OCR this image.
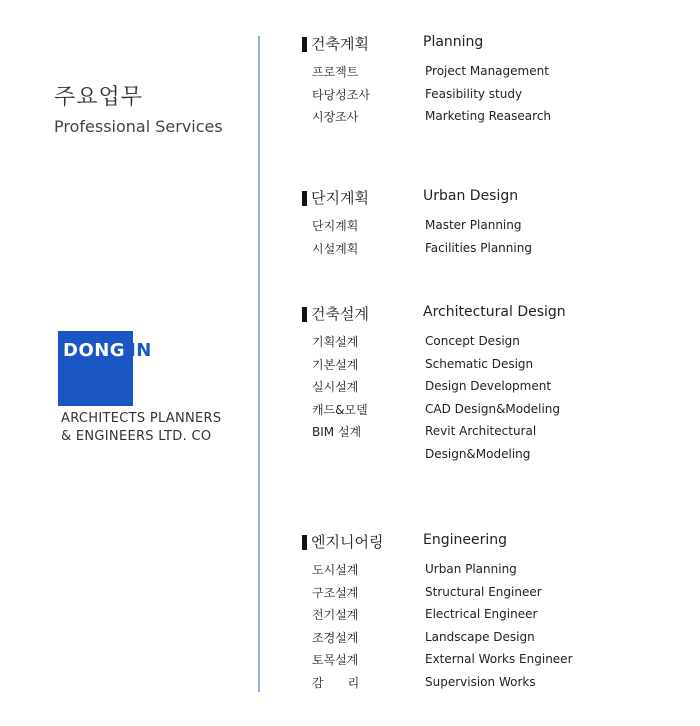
주요업무
Professional Services
DONG IN
ARCHITECTS PLANNERS
& ENGINEERS LTD. CO
건축계획	Planning
프로젝트	Project Management
타당성조사	Feasibility study
시장조사	Marketing Reasearch
단지계획	Urban Design
단지계획	Master Planning
시설계획	Facilities Planning
건축설계	Architectural Design
기획설계	Concept Design
기본설계	Schematic Design
실시설계	Design Development
캐드&모델	CAD Design&Modeling
BIM 설계	Revit Architectural
Design&Modeling
엔지니어링	Engineering
도시설계	Urban Planning
구조설계	Structural Engineer
전기설계	Electrical Engineer
조경설계	Landscape Design
토목설계	External Works Engineer
감　　리	Supervision Works
